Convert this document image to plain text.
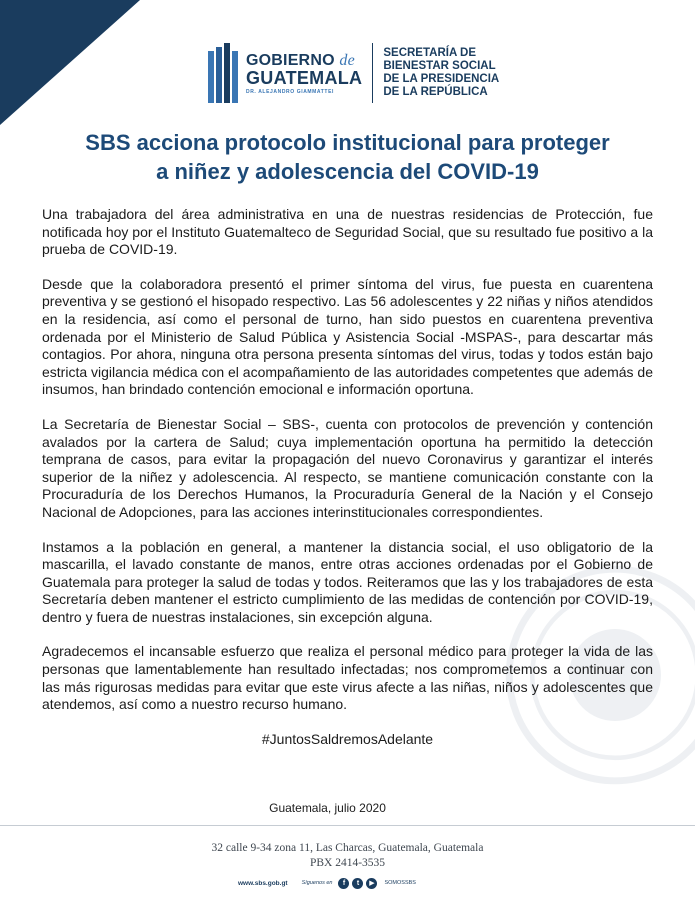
GOBIERNO de
GUATEMALA
DR. ALEJANDRO GIAMMATTEI
SECRETARÍA DE
BIENESTAR SOCIAL
DE LA PRESIDENCIA
DE LA REPÚBLICA
SBS acciona protocolo institucional para proteger
a niñez y adolescencia del COVID-19

Una trabajadora del área administrativa en una de nuestras residencias de Protección, fue notificada hoy por el Instituto Guatemalteco de Seguridad Social, que su resultado fue positivo a la prueba de COVID-19.

Desde que la colaboradora presentó el primer síntoma del virus, fue puesta en cuarentena preventiva y se gestionó el hisopado respectivo. Las 56 adolescentes y 22 niñas y niños atendidos en la residencia, así como el personal de turno, han sido puestos en cuarentena preventiva ordenada por el Ministerio de Salud Pública y Asistencia Social -MSPAS-, para descartar más contagios. Por ahora, ninguna otra persona presenta síntomas del virus, todas y todos están bajo estricta vigilancia médica con el acompañamiento de las autoridades competentes que además de insumos, han brindado contención emocional e información oportuna.

La Secretaría de Bienestar Social – SBS-, cuenta con protocolos de prevención y contención avalados por la cartera de Salud; cuya implementación oportuna ha permitido la detección temprana de casos, para evitar la propagación del nuevo Coronavirus y garantizar el interés superior de la niñez y adolescencia. Al respecto, se mantiene comunicación constante con la Procuraduría de los Derechos Humanos, la Procuraduría General de la Nación y el Consejo Nacional de Adopciones, para las acciones interinstitucionales correspondientes.

Instamos a la población en general, a mantener la distancia social, el uso obligatorio de la mascarilla, el lavado constante de manos, entre otras acciones ordenadas por el Gobierno de Guatemala para proteger la salud de todas y todos. Reiteramos que las y los trabajadores de esta Secretaría deben mantener el estricto cumplimiento de las medidas de contención por COVID-19, dentro y fuera de nuestras instalaciones, sin excepción alguna.

Agradecemos el incansable esfuerzo que realiza el personal médico para proteger la vida de las personas que lamentablemente han resultado infectadas; nos comprometemos a continuar con las más rigurosas medidas para evitar que este virus afecte a las niñas, niños y adolescentes que atendemos, así como a nuestro recurso humano.

#JuntosSaldremosAdelante

Guatemala, julio 2020
32 calle 9-34 zona 11, Las Charcas, Guatemala, Guatemala
PBX 2414-3535
www.sbs.gob.gt	Síguenos en	f	t	▶	SOMOSSBS
